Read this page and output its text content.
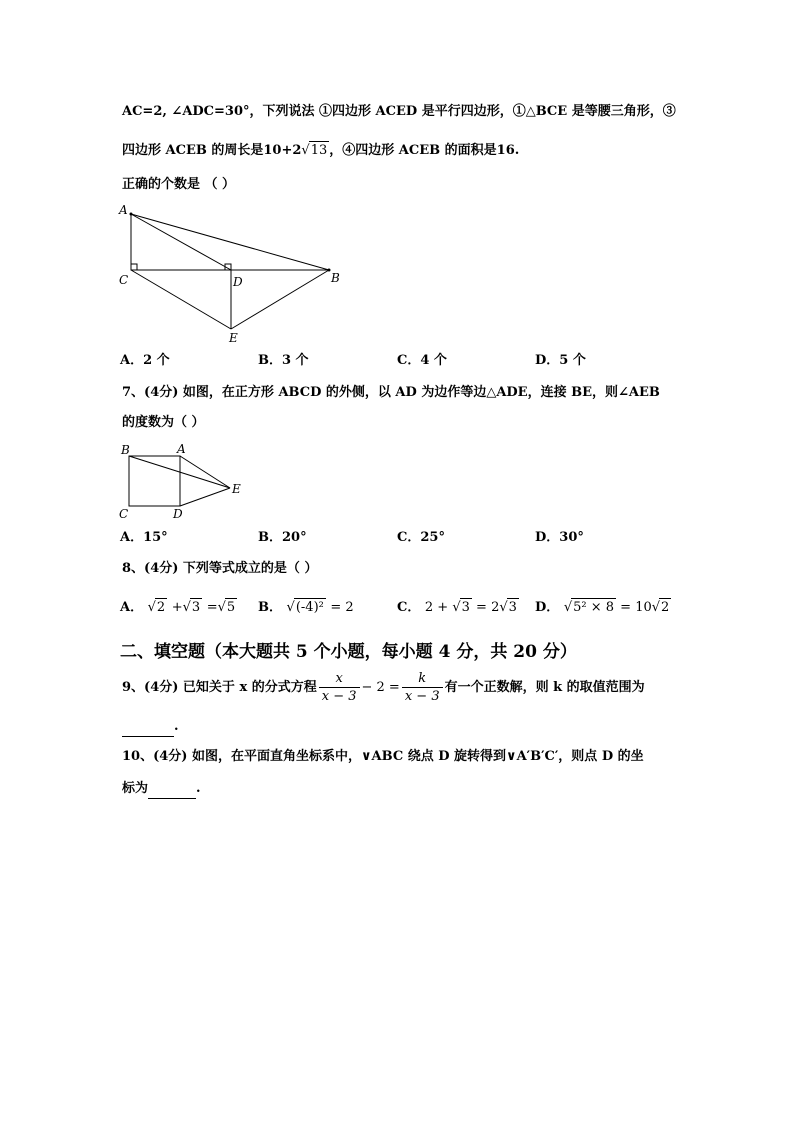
AC=2, ∠ADC=30°，下列说法 ①四边形 ACED 是平行四边形，①△BCE 是等腰三角形，③
四边形 ACEB 的周长是10+2√13 ，④四边形 ACEB 的面积是16.
正确的个数是 （ ）
A
C	D	B
E
A．2 个	B．3 个	C．4 个	D．5 个
7、(4分) 如图，在正方形 ABCD 的外侧，以 AD 为边作等边△ADE，连接 BE，则∠AEB
的度数为（ ）
B	A
E
C	D
A．15°	B．20°	C．25°	D．30°
8、(4分) 下列等式成立的是（ ）
A． √2 +√3 =√5 B． √(-4)² = 2	C． 2 + √3 = 2√3 D． √5² × 8 = 10√2
二、填空题（本大题共 5 个小题，每小题 4 分，共 20 分）
9、(4分) 已知关于 x 的分式方程 $\frac{x}{x - 3} - 2 = \frac{k}{x - 3}$ 有一个正数解，则 k 的取值范围为
.
10、(4分) 如图，在平面直角坐标系中，∨ABC 绕点 D 旋转得到∨A′B′C′，则点 D 的坐
标为	.
